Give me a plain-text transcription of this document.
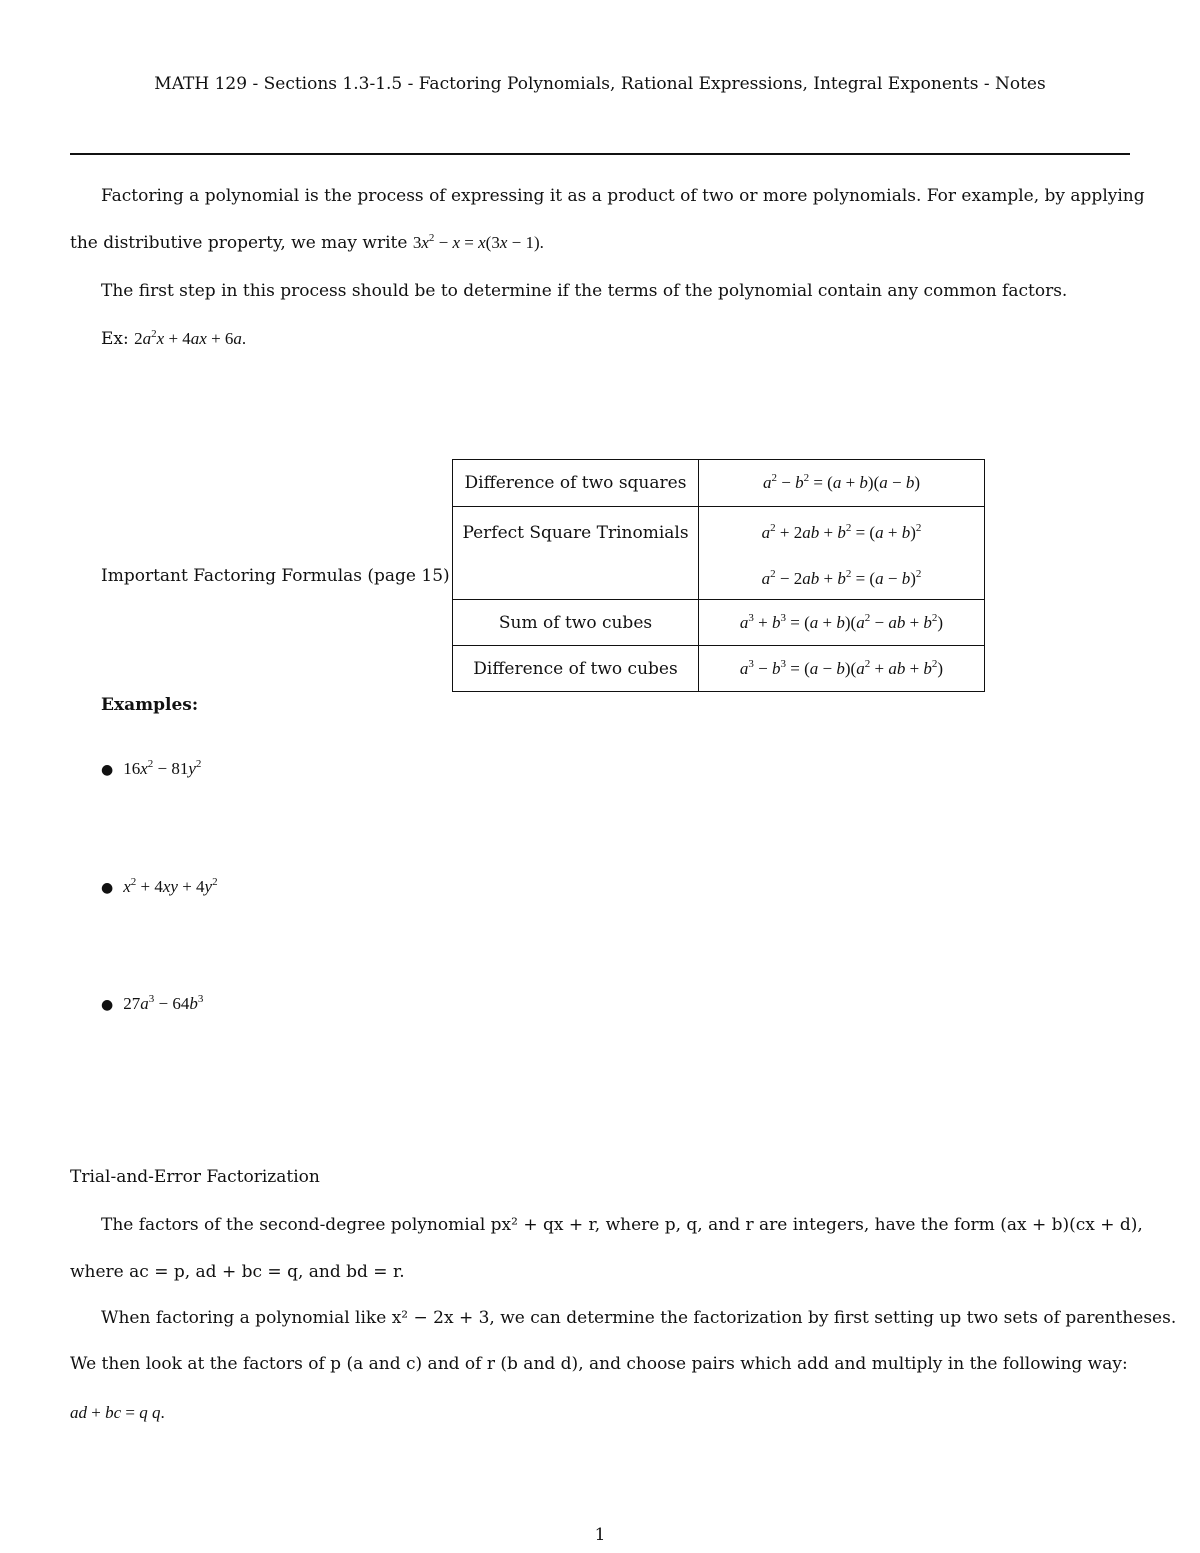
MATH 129 - Sections 1.3-1.5 - Factoring Polynomials, Rational Expressions, Integral Exponents - Notes
Factoring a polynomial is the process of expressing it as a product of two or more polynomials. For example, by applying
the distributive property, we may write $3x^2 - x = x(3x - 1)$.
The first step in this process should be to determine if the terms of the polynomial contain any common factors.
Ex: $2a^2x + 4ax + 6a$.
Important Factoring Formulas (page 15)
Difference of two squares	$a^2 - b^2 = (a + b)(a - b)$

Perfect Square Trinomials	$a^2 + 2ab + b^2 = (a + b)^2$
$a^2 - 2ab + b^2 = (a - b)^2$

Sum of two cubes	$a^3 + b^3 = (a + b)(a^2$ − ab + $b^2$)
Difference of two cubes	$a^3 - b^3 = (a - b)(a^2$ + ab + $b^2$)
Examples:
● $16x^2 - 81y^2$
● $x^2 + 4xy + 4y^2$
● $27a^3 - 64b^3$
Trial-and-Error Factorization
The factors of the second-degree polynomial px² + qx + r, where p, q, and r are integers, have the form (ax + b)(cx + d),
where ac = p, ad + bc = q, and bd = r.
When factoring a polynomial like x² − 2x + 3, we can determine the factorization by first setting up two sets of parentheses.
We then look at the factors of p (a and c) and of r (b and d), and choose pairs which add and multiply in the following way:
ad + bc = q q.
1
